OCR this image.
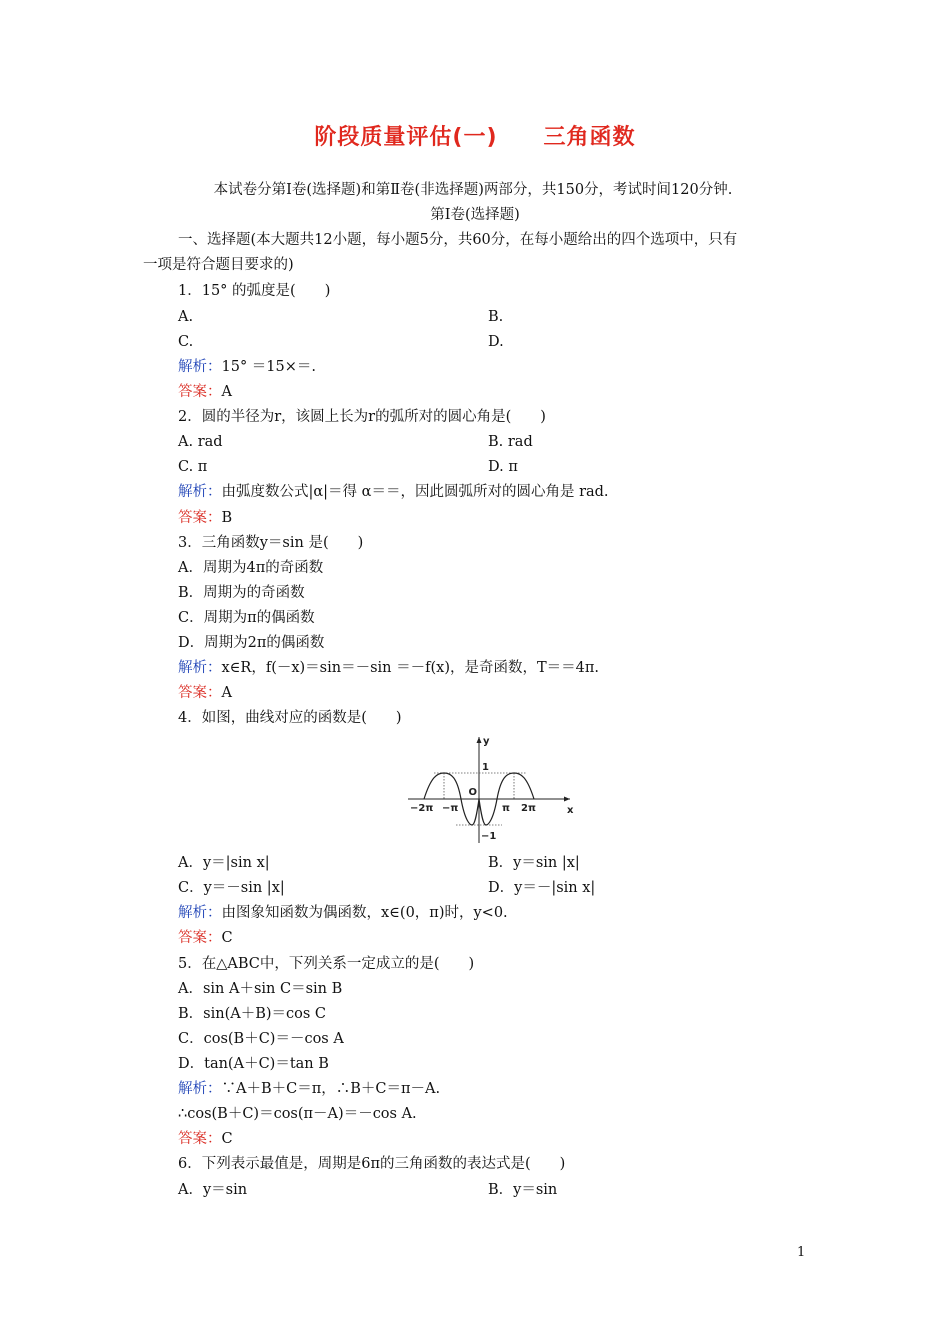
阶段质量评估(一) 三角函数
本试卷分第Ⅰ卷(选择题)和第Ⅱ卷(非选择题)两部分，共150分，考试时间120分钟.
第Ⅰ卷(选择题)
一、选择题(本大题共12小题，每小题5分，共60分，在每小题给出的四个选项中，只有
一项是符合题目要求的)
1．15° 的弧度是(　　)
A.	B.
C.	D.
解析：15° ＝15×＝.
答案：A
2．圆的半径为r，该圆上长为r的弧所对的圆心角是(　　)
A. rad	B. rad
C. π	D. π
解析：由弧度数公式|α|＝得 α＝＝，因此圆弧所对的圆心角是 rad.
答案：B
3．三角函数y＝sin 是(　　)
A．周期为4π的奇函数
B．周期为的奇函数
C．周期为π的偶函数
D．周期为2π的偶函数
解析：x∈R，f(－x)＝sin＝－sin ＝－f(x)，是奇函数，T＝＝4π.
答案：A
4．如图，曲线对应的函数是(　　)
y
x
1
−1
O
−2π −π	π 2π
A．y＝|sin x|	B．y＝sin |x|
C．y＝－sin |x|	D．y＝－|sin x|
解析：由图象知函数为偶函数，x∈(0，π)时，y<0.
答案：C
5．在△ABC中，下列关系一定成立的是(　　)
A．sin A＋sin C＝sin B
B．sin(A＋B)＝cos C
C．cos(B＋C)＝－cos A
D．tan(A＋C)＝tan B
解析：∵A＋B＋C＝π，∴B＋C＝π－A.
∴cos(B＋C)＝cos(π－A)＝－cos A.
答案：C
6．下列表示最值是，周期是6π的三角函数的表达式是(　　)
A．y＝sin	B．y＝sin
1
